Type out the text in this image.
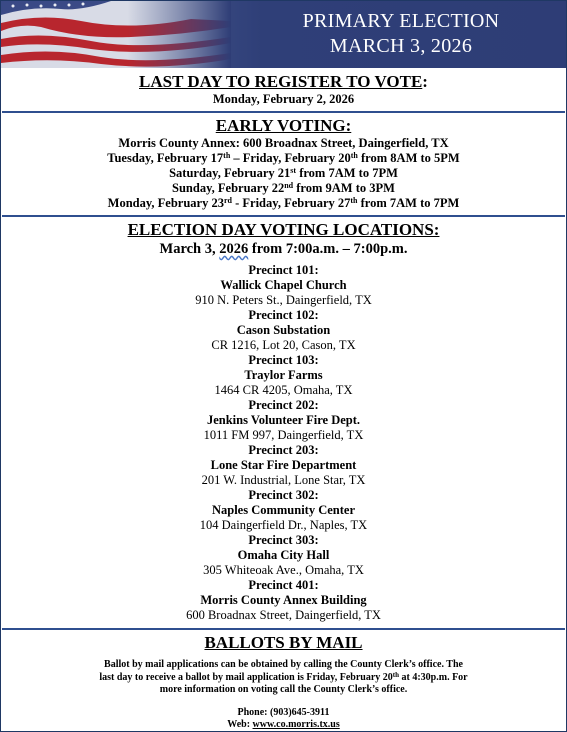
PRIMARY ELECTION
MARCH 3, 2026
LAST DAY TO REGISTER TO VOTE:
Monday, February 2, 2026
EARLY VOTING:
Morris County Annex: 600 Broadnax Street, Daingerfield, TX
Tuesday, February 17th – Friday, February 20th from 8AM to 5PM
Saturday, February 21st from 7AM to 7PM
Sunday, February 22nd from 9AM to 3PM
Monday, February 23rd - Friday, February 27th from 7AM to 7PM
ELECTION DAY VOTING LOCATIONS:
March 3, 2026 from 7:00a.m. – 7:00p.m.
Precinct 101:
Wallick Chapel Church
910 N. Peters St., Daingerfield, TX
Precinct 102:
Cason Substation
CR 1216, Lot 20, Cason, TX
Precinct 103:
Traylor Farms
1464 CR 4205, Omaha, TX
Precinct 202:
Jenkins Volunteer Fire Dept.
1011 FM 997, Daingerfield, TX
Precinct 203:
Lone Star Fire Department
201 W. Industrial, Lone Star, TX
Precinct 302:
Naples Community Center
104 Daingerfield Dr., Naples, TX
Precinct 303:
Omaha City Hall
305 Whiteoak Ave., Omaha, TX
Precinct 401:
Morris County Annex Building
600 Broadnax Street, Daingerfield, TX
BALLOTS BY MAIL
Ballot by mail applications can be obtained by calling the County Clerk’s office. The
last day to receive a ballot by mail application is Friday, February 20th at 4:30p.m. For
more information on voting call the County Clerk’s office.
Phone: (903)645-3911
Web: www.co.morris.tx.us
